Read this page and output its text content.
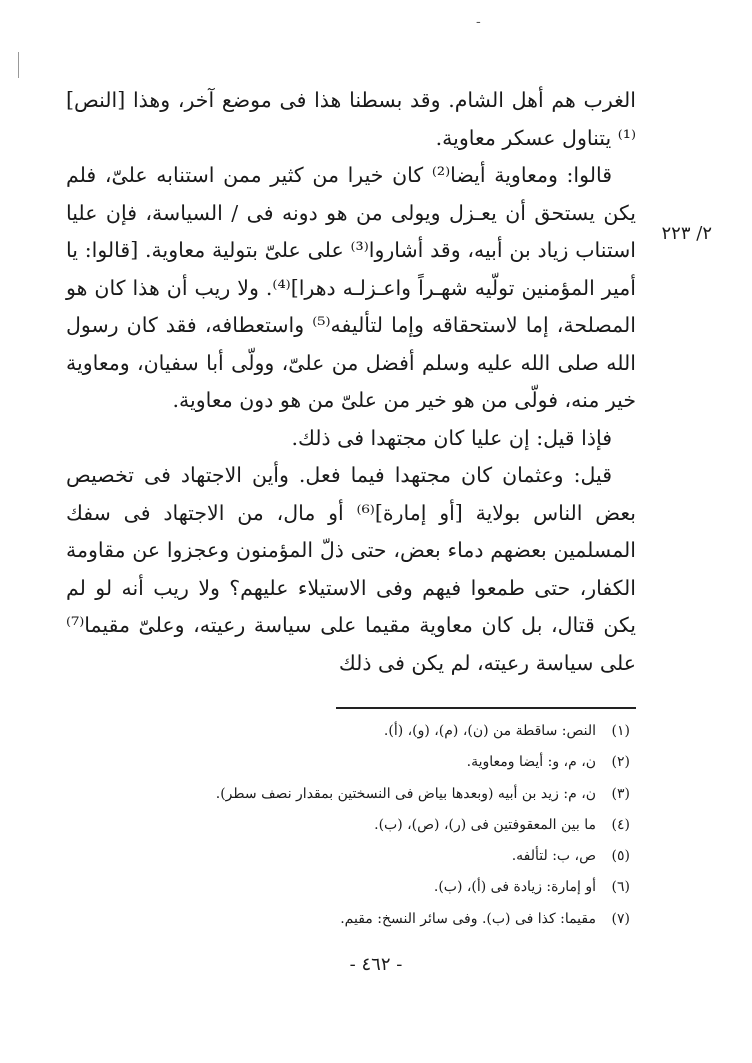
-
٢/ ٢٢٣

الغرب هم أهل الشام. وقد بسطنا هذا فى موضع آخر، وهذا [النص]⁽¹⁾ يتناول عسكر معاوية.

قالوا: ومعاوية أيضا⁽²⁾ كان خيرا من كثير ممن استنابه علىّ، فلم يكن يستحق أن يعـزل ويولى من هو دونه فى / السياسة، فإن عليا استناب زياد بن أبيه، وقد أشاروا⁽³⁾ على علىّ بتولية معاوية. [قالوا: يا أمير المؤمنين تولّيه شهـراً واعـزلـه دهرا]⁽⁴⁾. ولا ريب أن هذا كان هو المصلحة، إما لاستحقاقه وإما لتأليفه⁽⁵⁾ واستعطافه، فقد كان رسول الله صلى الله عليه وسلم أفضل من علىّ، وولّى أبا سفيان، ومعاوية خير منه، فولّى من هو خير من علىّ من هو دون معاوية.

فإذا قيل: إن عليا كان مجتهدا فى ذلك.

قيل: وعثمان كان مجتهدا فيما فعل. وأين الاجتهاد فى تخصيص بعض الناس بولاية [أو إمارة]⁽⁶⁾ أو مال، من الاجتهاد فى سفك المسلمين بعضهم دماء بعض، حتى ذلّ المؤمنون وعجزوا عن مقاومة الكفار، حتى طمعوا فيهم وفى الاستيلاء عليهم؟ ولا ريب أنه لو لم يكن قتال، بل كان معاوية مقيما على سياسة رعيته، وعلىّ مقيما⁽⁷⁾ على سياسة رعيته، لم يكن فى ذلك

(١)النص: ساقطة من (ن)، (م)، (و)، (أ).
(٢)ن، م، و: أيضا ومعاوية.
(٣)ن، م: زيد بن أبيه (وبعدها بياض فى النسختين بمقدار نصف سطر).
(٤)ما بين المعقوفتين فى (ر)، (ص)، (ب).
(٥)ص، ب: لتألفه.
(٦)أو إمارة: زيادة فى (أ)، (ب).
(٧)مقيما: كذا فى (ب). وفى سائر النسخ: مقيم.
- ٤٦٢ -
